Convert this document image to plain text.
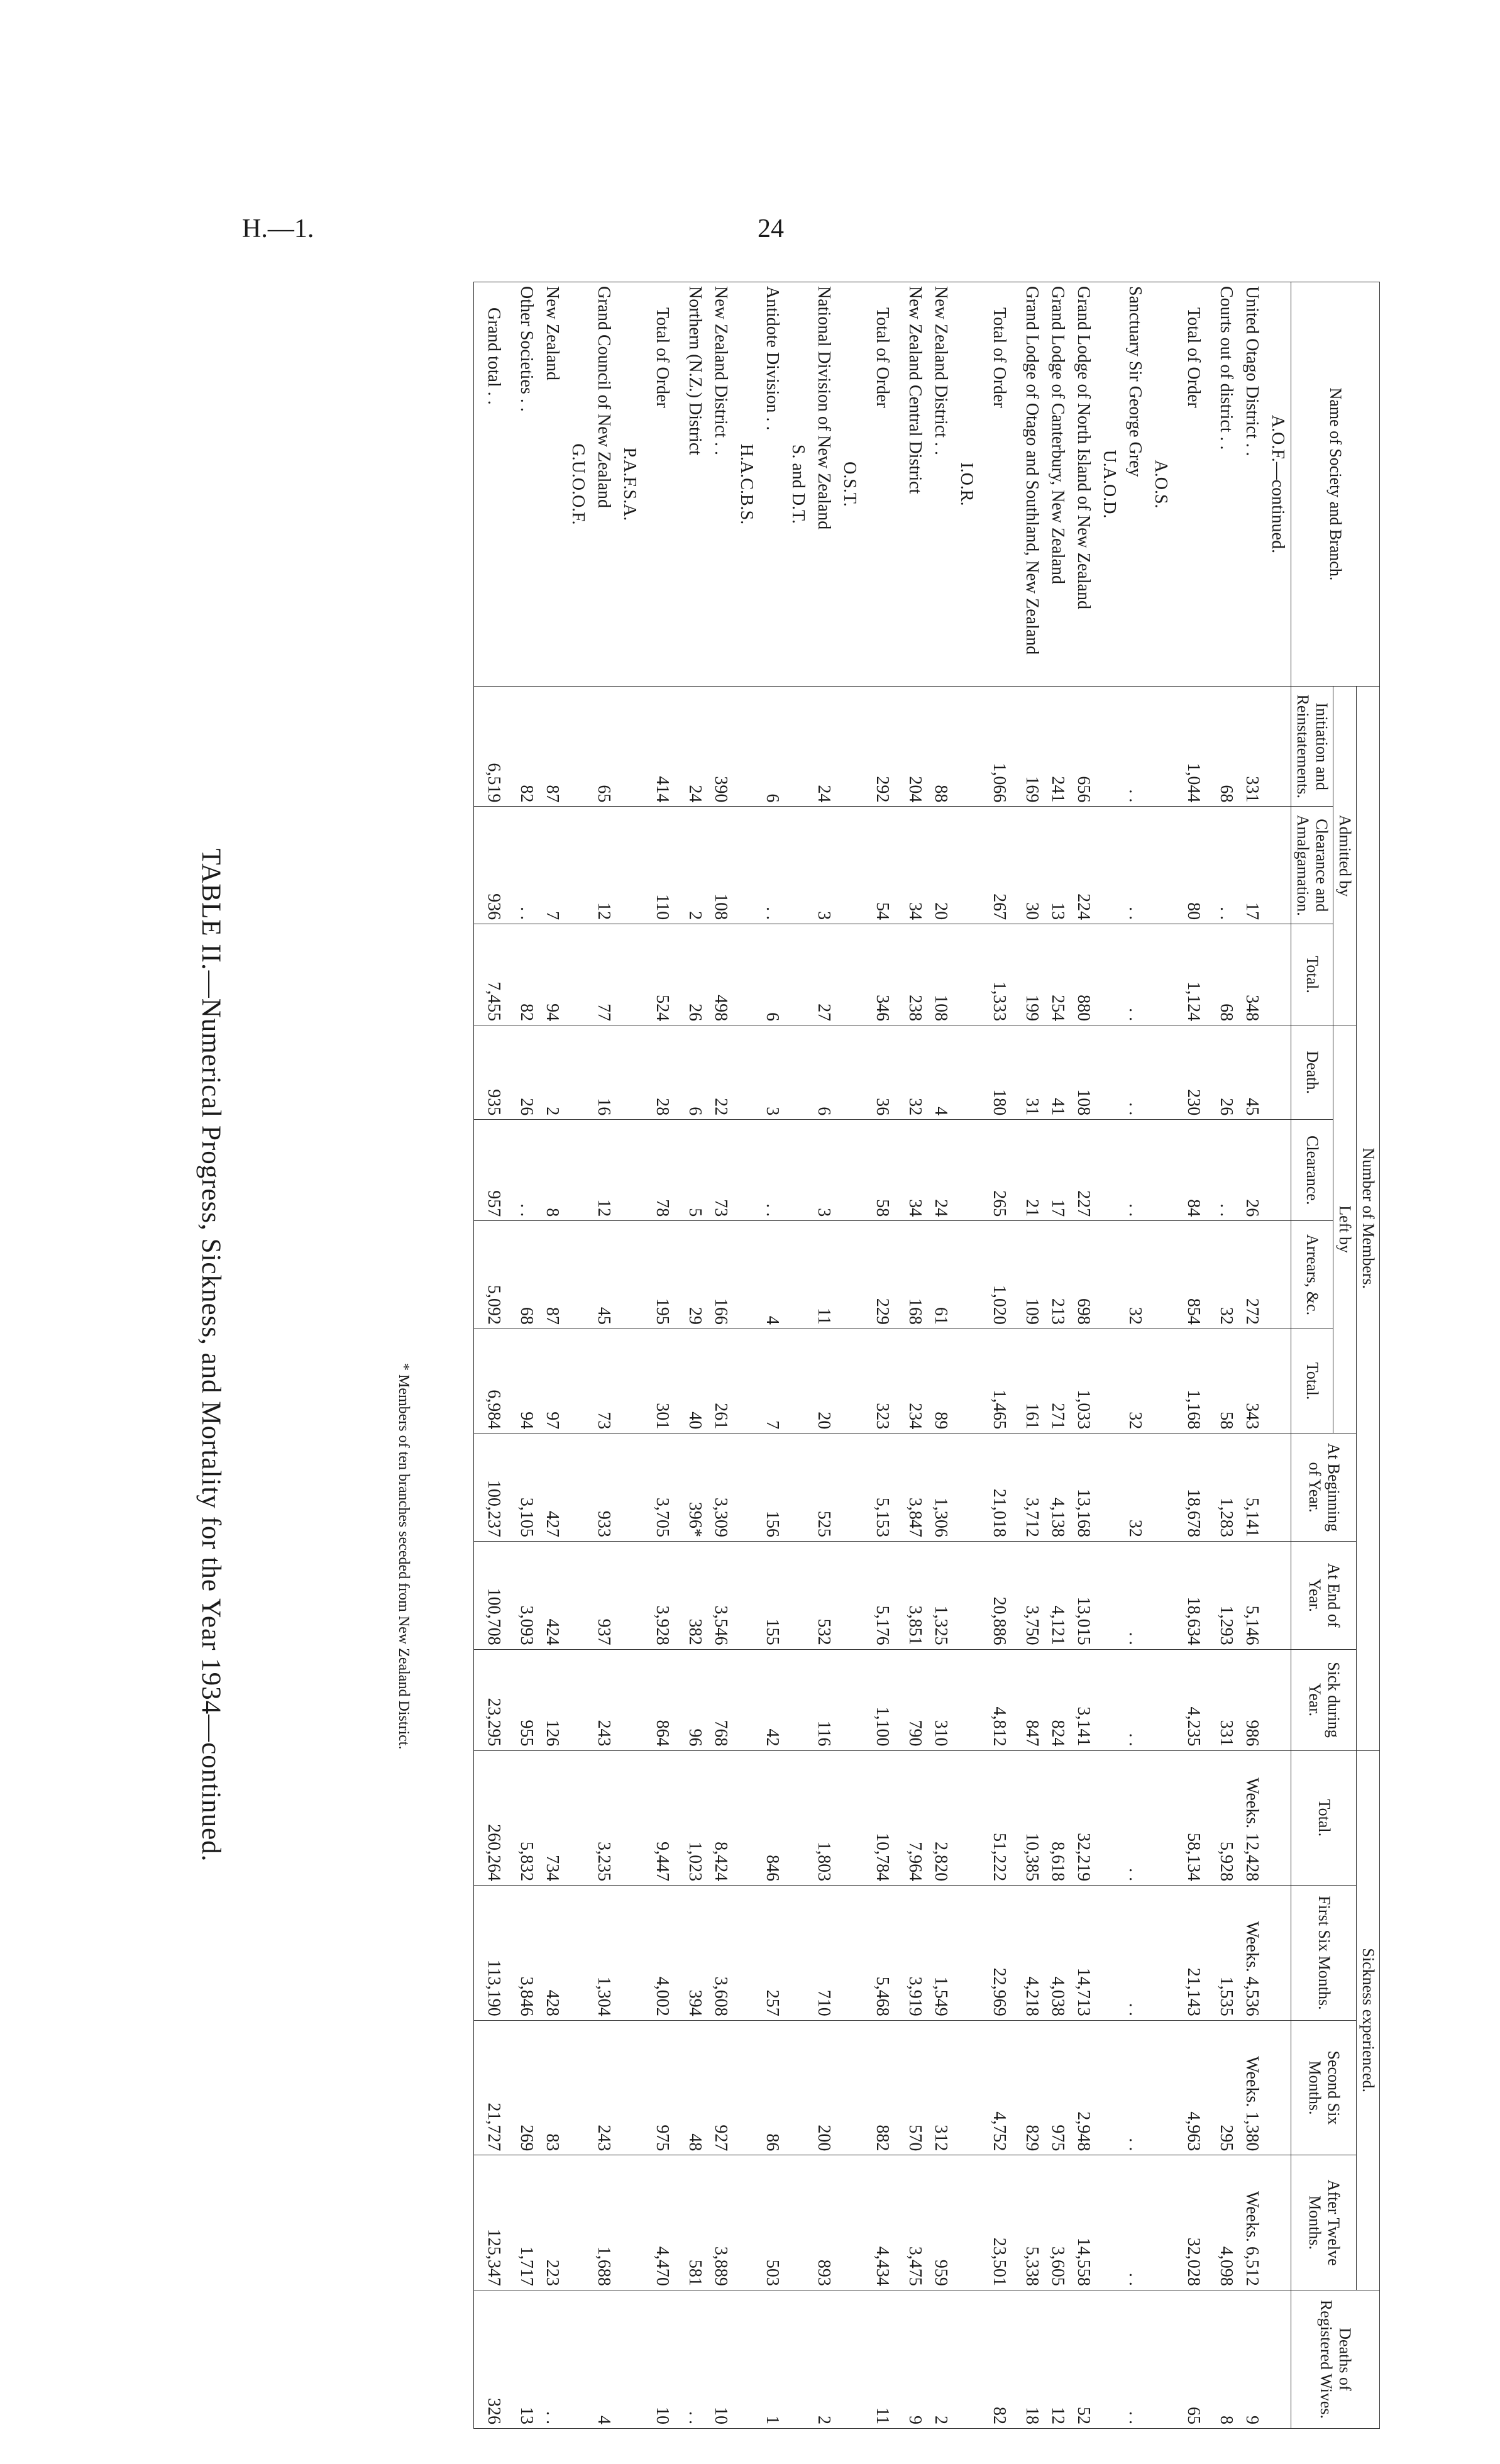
H.—1.	24
Name of Society and Branch.	Number of Members.										Sickness experienced.				Deaths of Registered Wives.
	Admitted by			Left by				At Beginning of Year.	At End of Year.	Sick during Year.	Total.	First Six Months.	Second Six Months.	After Twelve Months.	
	Initiation and Reinstatements.	Clearance and Amalgamation.	Total.	Death.	Clearance.	Arrears, &c.	Total.								
A.O.F.—continued.															
United Otago District . .	331	17	348	45	26	272	343	5,141	5,146	986	Weeks. 12,428	Weeks. 4,536	Weeks. 1,380	Weeks. 6,512	9
Courts out of district . .	68	. .	68	26	. .	32	58	1,283	1,293	331	5,928	1,535	295	4,098	8
Total of Order	1,044	80	1,124	230	84	854	1,168	18,678	18,634	4,235	58,134	21,143	4,963	32,028	65
A.O.S.															
Sanctuary Sir George Grey	. .	. .	. .	. .	. .	32	32	32	. .	. .	. .	. .	. .	. .	. .
U.A.O.D.															
Grand Lodge of North Island of New Zealand	656	224	880	108	227	698	1,033	13,168	13,015	3,141	32,219	14,713	2,948	14,558	52
Grand Lodge of Canterbury, New Zealand	241	13	254	41	17	213	271	4,138	4,121	824	8,618	4,038	975	3,605	12
Grand Lodge of Otago and Southland, New Zealand	169	30	199	31	21	109	161	3,712	3,750	847	10,385	4,218	829	5,338	18
Total of Order	1,066	267	1,333	180	265	1,020	1,465	21,018	20,886	4,812	51,222	22,969	4,752	23,501	82
I.O.R.															
New Zealand District . .	88	20	108	4	24	61	89	1,306	1,325	310	2,820	1,549	312	959	2
New Zealand Central District	204	34	238	32	34	168	234	3,847	3,851	790	7,964	3,919	570	3,475	9
Total of Order	292	54	346	36	58	229	323	5,153	5,176	1,100	10,784	5,468	882	4,434	11
O.S.T.															
National Division of New Zealand	24	3	27	6	3	11	20	525	532	116	1,803	710	200	893	2
S. and D.T.															
Antidote Division . .	6	. .	6	3	. .	4	7	156	155	42	846	257	86	503	1
H.A.C.B.S.															
New Zealand District . .	390	108	498	22	73	166	261	3,309	3,546	768	8,424	3,608	927	3,889	10
Northern (N.Z.) District	24	2	26	6	5	29	40	396*	382	96	1,023	394	48	581	. .
Total of Order	414	110	524	28	78	195	301	3,705	3,928	864	9,447	4,002	975	4,470	10
P.A.F.S.A.															
Grand Council of New Zealand	65	12	77	16	12	45	73	933	937	243	3,235	1,304	243	1,688	4
G.U.O.O.F.															
New Zealand	87	7	94	2	8	87	97	427	424	126	734	428	83	223	. .
Other Societies . .	82	. .	82	26	. .	68	94	3,105	3,093	955	5,832	3,846	269	1,717	13
Grand total . .	6,519	936	7,455	935	957	5,092	6,984	100,237	100,708	23,295	260,264	113,190	21,727	125,347	326
* Members of ten branches seceded from New Zealand District.
TABLE II.—Numerical Progress, Sickness, and Mortality for the Year 1934—continued.
